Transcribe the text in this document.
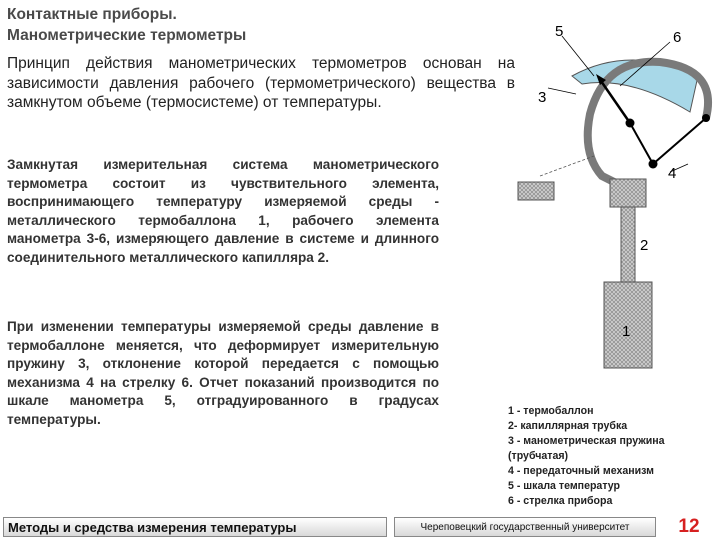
Контактные приборы.
Манометрические термометры
Принцип действия манометрических термометров основан на зависимости давления рабочего (термометрического) вещества в замкнутом объеме (термосистеме) от температуры.
Замкнутая измерительная система манометрического термометра состоит из чувствительного элемента, воспринимающего температуру измеряемой среды - металлического термобаллона 1, рабочего элемента манометра 3-6, измеряющего давление в системе и длинного соединительного металлического капилляра 2.
При изменении температуры измеряемой среды давление в термобаллоне меняется, что деформирует измерительную пружину 3, отклонение которой передается с помощью механизма 4 на стрелку 6. Отчет показаний производится по шкале манометра 5, отградуированного в градусах температуры.
5	6
3
4
2
1
1 - термобаллон
2- капиллярная трубка
3 - манометрическая пружина
(трубчатая)
4 - передаточный механизм
5 - шкала температур
6 - стрелка прибора
Методы и средства измерения температуры	Череповецкий государственный университет	12
